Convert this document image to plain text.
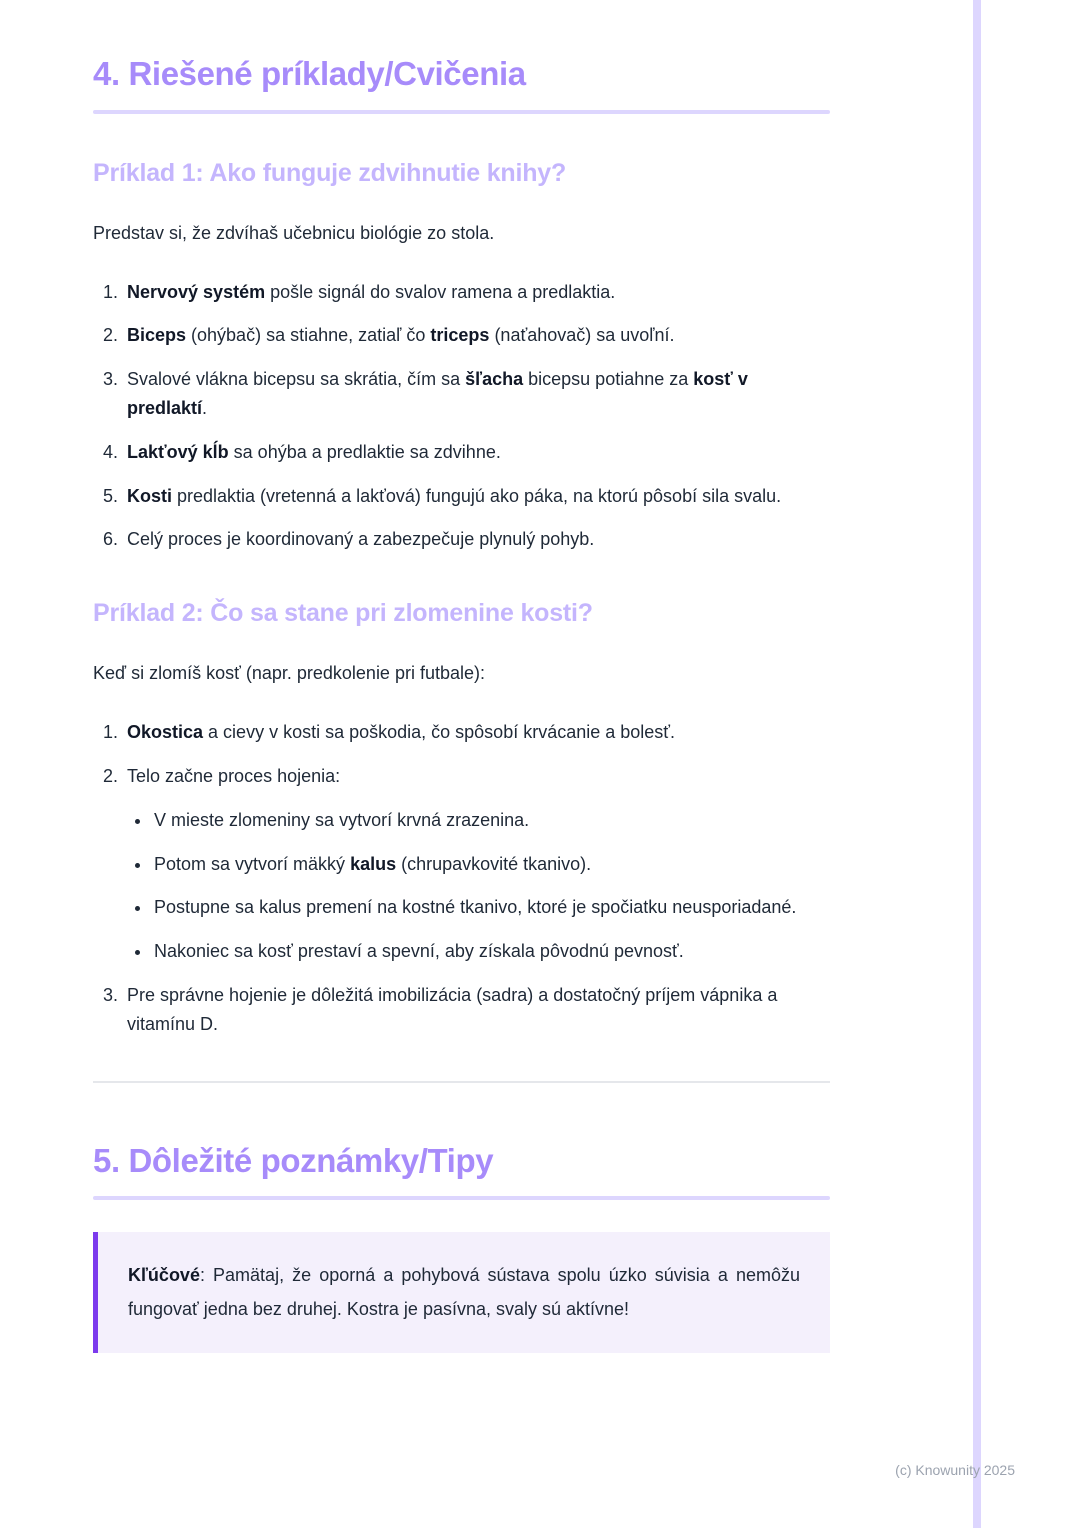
4. Riešené príklady/Cvičenia
Príklad 1: Ako funguje zdvihnutie knihy?

Predstav si, že zdvíhaš učebnicu biológie zo stola.

1. Nervový systém pošle signál do svalov ramena a predlaktia.
2. Biceps (ohýbač) sa stiahne, zatiaľ čo triceps (naťahovač) sa uvoľní.
3. Svalové vlákna bicepsu sa skrátia, čím sa šľacha bicepsu potiahne za kosť v predlaktí.
4. Lakťový kĺb sa ohýba a predlaktie sa zdvihne.
5. Kosti predlaktia (vretenná a lakťová) fungujú ako páka, na ktorú pôsobí sila svalu.
6. Celý proces je koordinovaný a zabezpečuje plynulý pohyb.
Príklad 2: Čo sa stane pri zlomenine kosti?

Keď si zlomíš kosť (napr. predkolenie pri futbale):

1. Okostica a cievy v kosti sa poškodia, čo spôsobí krvácanie a bolesť.
2. Telo začne proces hojenia:
• V mieste zlomeniny sa vytvorí krvná zrazenina.
• Potom sa vytvorí mäkký kalus (chrupavkovité tkanivo).
• Postupne sa kalus premení na kostné tkanivo, ktoré je spočiatku neusporiadané.
• Nakoniec sa kosť prestaví a spevní, aby získala pôvodnú pevnosť.
3. Pre správne hojenie je dôležitá imobilizácia (sadra) a dostatočný príjem vápnika a vitamínu D.
5. Dôležité poznámky/Tipy

Kľúčové: Pamätaj, že oporná a pohybová sústava spolu úzko súvisia a nemôžu fungovať jedna bez druhej. Kostra je pasívna, svaly sú aktívne!

(c) Knowunity 2025
